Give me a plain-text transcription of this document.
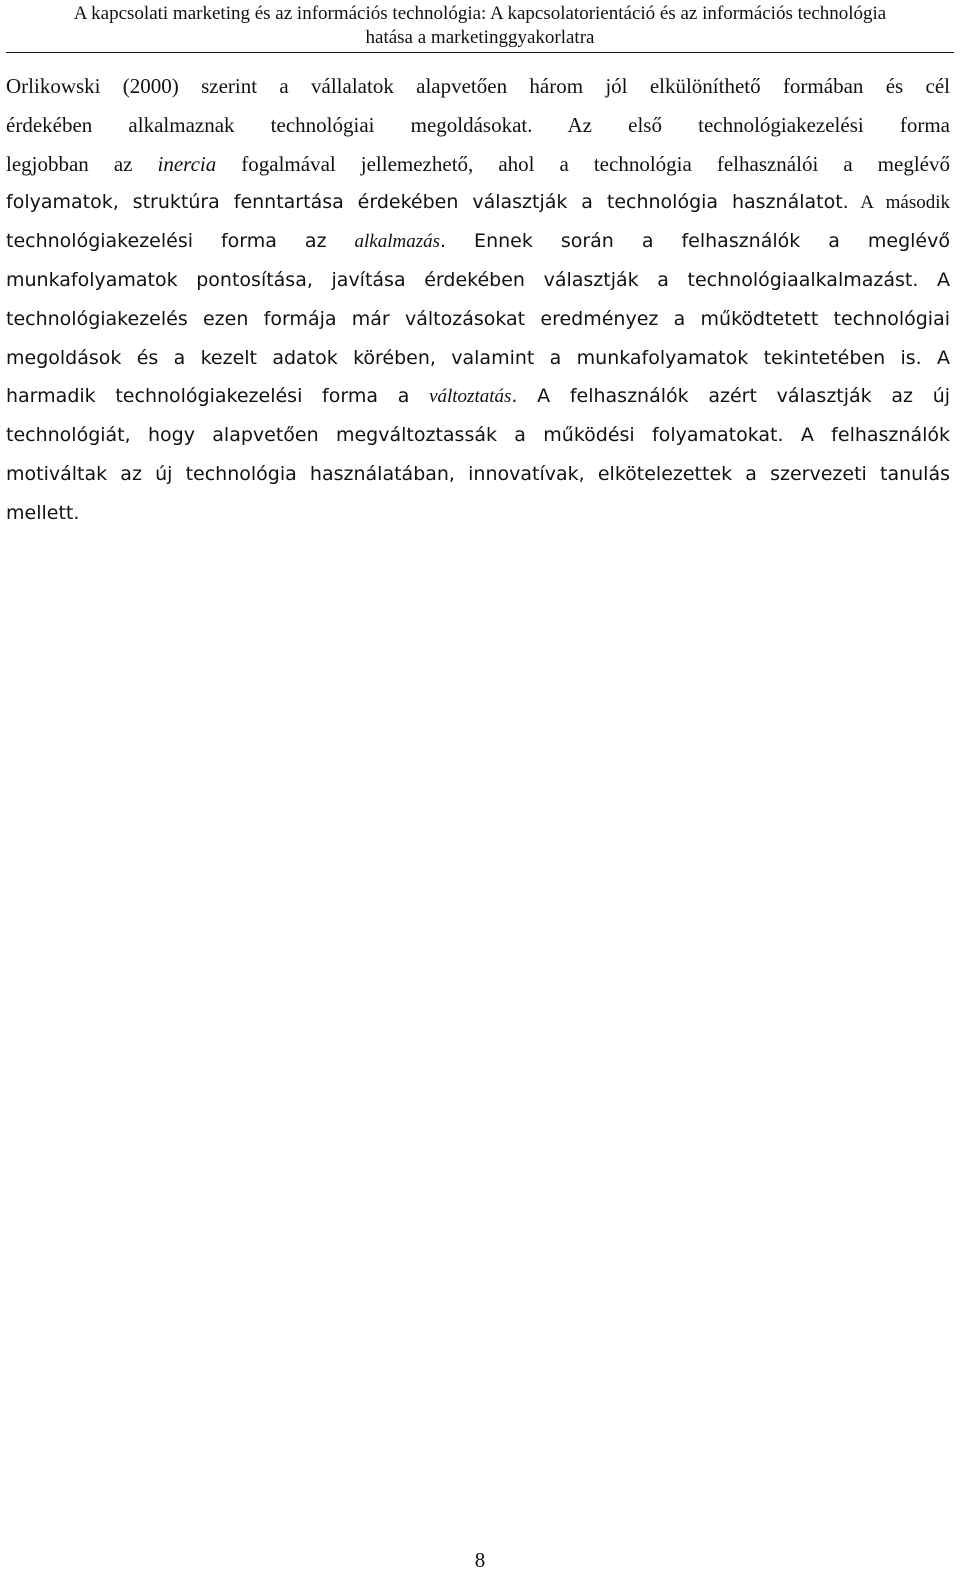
A kapcsolati marketing és az információs technológia: A kapcsolatorientáció és az információs technológia
hatása a marketinggyakorlatra
Orlikowski (2000) szerint a vállalatok alapvetően három jól elkülöníthető formában és cél
érdekében alkalmaznak technológiai megoldásokat. Az első technológiakezelési forma
legjobban az inercia fogalmával jellemezhető, ahol a technológia felhasználói a meglévő
folyamatok, struktúra fenntartása érdekében választják a technológia használatot. A második
technológiakezelési forma az alkalmazás. Ennek során a felhasználók a meglévő
munkafolyamatok pontosítása, javítása érdekében választják a technológiaalkalmazást. A
technológiakezelés ezen formája már változásokat eredményez a működtetett technológiai
megoldások és a kezelt adatok körében, valamint a munkafolyamatok tekintetében is. A
harmadik technológiakezelési forma a változtatás. A felhasználók azért választják az új
technológiát, hogy alapvetően megváltoztassák a működési folyamatokat. A felhasználók
motiváltak az új technológia használatában, innovatívak, elkötelezettek a szervezeti tanulás
mellett.
8
